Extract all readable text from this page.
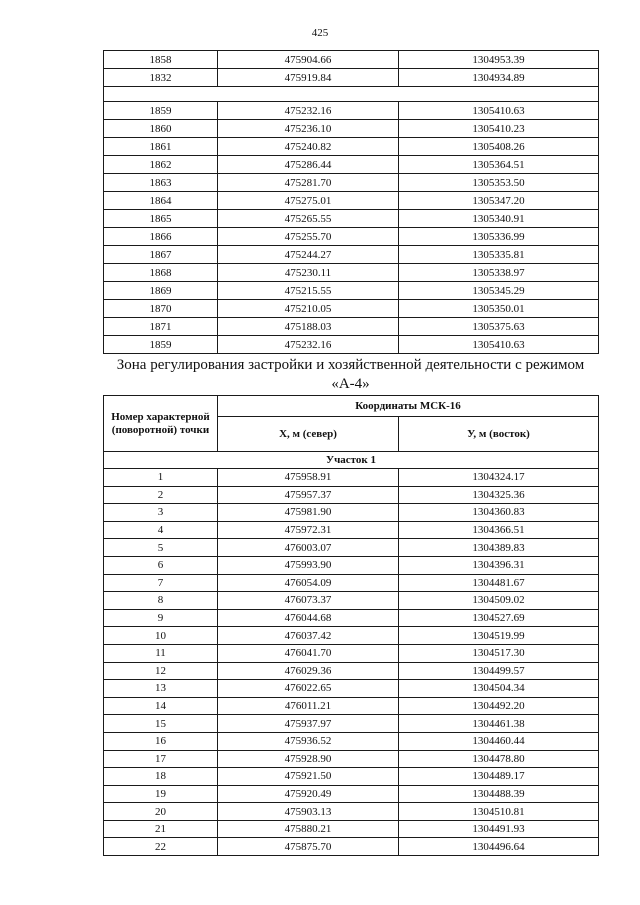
425
1858	475904.66	1304953.39
1832	475919.84	1304934.89

1859	475232.16	1305410.63
1860	475236.10	1305410.23
1861	475240.82	1305408.26
1862	475286.44	1305364.51
1863	475281.70	1305353.50
1864	475275.01	1305347.20
1865	475265.55	1305340.91
1866	475255.70	1305336.99
1867	475244.27	1305335.81
1868	475230.11	1305338.97
1869	475215.55	1305345.29
1870	475210.05	1305350.01
1871	475188.03	1305375.63
1859	475232.16	1305410.63
Зона регулирования застройки и хозяйственной деятельности с режимом «А-4»
Номер характерной (поворотной) точки	Координаты МСК-16	
	X, м (север)	У, м (восток)
Участок 1		
1	475958.91	1304324.17
2	475957.37	1304325.36
3	475981.90	1304360.83
4	475972.31	1304366.51
5	476003.07	1304389.83
6	475993.90	1304396.31
7	476054.09	1304481.67
8	476073.37	1304509.02
9	476044.68	1304527.69
10	476037.42	1304519.99
11	476041.70	1304517.30
12	476029.36	1304499.57
13	476022.65	1304504.34
14	476011.21	1304492.20
15	475937.97	1304461.38
16	475936.52	1304460.44
17	475928.90	1304478.80
18	475921.50	1304489.17
19	475920.49	1304488.39
20	475903.13	1304510.81
21	475880.21	1304491.93
22	475875.70	1304496.64
